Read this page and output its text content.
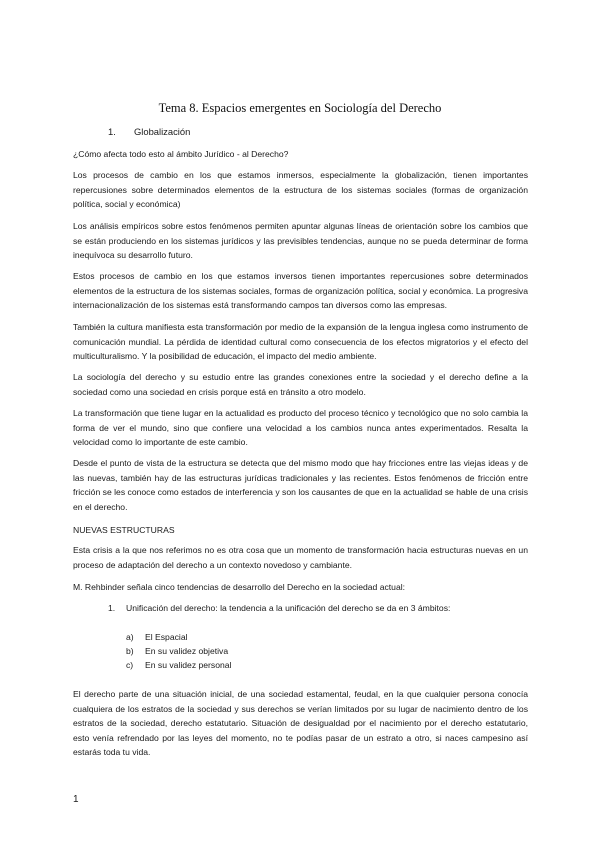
Tema 8. Espacios emergentes en Sociología del Derecho
1. Globalización

¿Cómo afecta todo esto al ámbito Jurídico - al Derecho?

Los procesos de cambio en los que estamos inmersos, especialmente la globalización, tienen importantes repercusiones sobre determinados elementos de la estructura de los sistemas sociales (formas de organización política, social y económica)

Los análisis empíricos sobre estos fenómenos permiten apuntar algunas líneas de orientación sobre los cambios que se están produciendo en los sistemas jurídicos y las previsibles tendencias, aunque no se pueda determinar de forma inequívoca su desarrollo futuro.

Estos procesos de cambio en los que estamos inversos tienen importantes repercusiones sobre determinados elementos de la estructura de los sistemas sociales, formas de organización política, social y económica. La progresiva internacionalización de los sistemas está transformando campos tan diversos como las empresas.

También la cultura manifiesta esta transformación por medio de la expansión de la lengua inglesa como instrumento de comunicación mundial. La pérdida de identidad cultural como consecuencia de los efectos migratorios y el efecto del multiculturalismo. Y la posibilidad de educación, el impacto del medio ambiente.

La sociología del derecho y su estudio entre las grandes conexiones entre la sociedad y el derecho define a la sociedad como una sociedad en crisis porque está en tránsito a otro modelo.

La transformación que tiene lugar en la actualidad es producto del proceso técnico y tecnológico que no solo cambia la forma de ver el mundo, sino que confiere una velocidad a los cambios nunca antes experimentados. Resalta la velocidad como lo importante de este cambio.

Desde el punto de vista de la estructura se detecta que del mismo modo que hay fricciones entre las viejas ideas y de las nuevas, también hay de las estructuras jurídicas tradicionales y las recientes. Estos fenómenos de fricción entre fricción se les conoce como estados de interferencia y son los causantes de que en la actualidad se hable de una crisis en el derecho.

NUEVAS ESTRUCTURAS

Esta crisis a la que nos referimos no es otra cosa que un momento de transformación hacia estructuras nuevas en un proceso de adaptación del derecho a un contexto novedoso y cambiante.

M. Rehbinder señala cinco tendencias de desarrollo del Derecho en la sociedad actual:

1. Unificación del derecho: la tendencia a la unificación del derecho se da en 3 ámbitos:
a) El Espacial
b) En su validez objetiva
c) En su validez personal

El derecho parte de una situación inicial, de una sociedad estamental, feudal, en la que cualquier persona conocía cualquiera de los estratos de la sociedad y sus derechos se verían limitados por su lugar de nacimiento dentro de los estratos de la sociedad, derecho estatutario. Situación de desigualdad por el nacimiento por el derecho estatutario, esto venía refrendado por las leyes del momento, no te podías pasar de un estrato a otro, si naces campesino así estarás toda tu vida.

1
